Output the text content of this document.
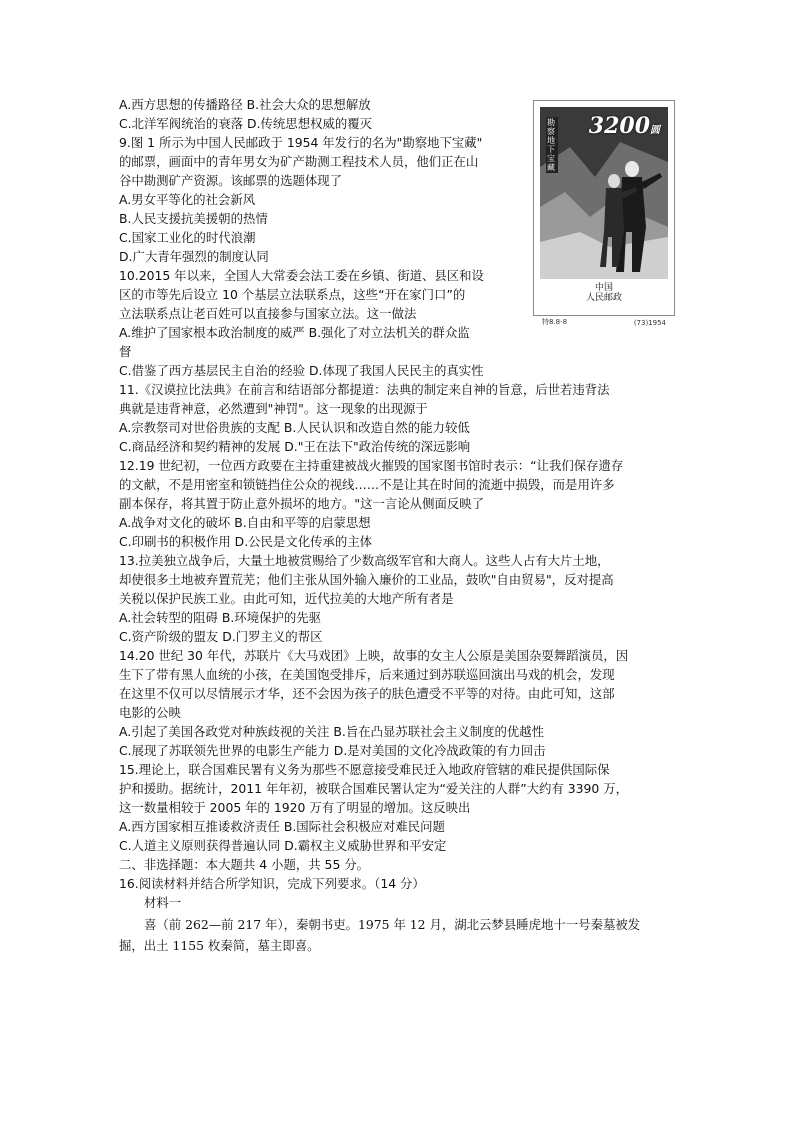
A.西方思想的传播路径 B.社会大众的思想解放
C.北洋军阀统治的衰落 D.传统思想权威的覆灭
9.图 1 所示为中国人民邮政于 1954 年发行的名为"勘察地下宝藏"
的邮票，画面中的青年男女为矿产勘测工程技术人员，他们正在山
谷中勘测矿产资源。该邮票的选题体现了
A.男女平等化的社会新风
B.人民支援抗美援朝的热情
C.国家工业化的时代浪潮
D.广大青年强烈的制度认同
10.2015 年以来，全国人大常委会法工委在乡镇、街道、县区和设
区的市等先后设立 10 个基层立法联系点，这些“开在家门口”的
立法联系点让老百姓可以直接参与国家立法。这一做法
A.维护了国家根本政治制度的威严 B.强化了对立法机关的群众监
督
C.借鉴了西方基层民主自治的经验 D.体现了我国人民民主的真实性
11.《汉谟拉比法典》在前言和结语部分都提道：法典的制定来自神的旨意，后世若违背法
典就是违背神意，必然遭到"神罚"。这一现象的出现源于
A.宗教祭司对世俗贵族的支配 B.人民认识和改造自然的能力较低
C.商品经济和契约精神的发展 D."王在法下"政治传统的深远影响
12.19 世纪初，一位西方政要在主持重建被战火摧毁的国家图书馆时表示：“让我们保存遗存
的文献，不是用密室和锁链挡住公众的视线……不是让其在时间的流逝中损毁，而是用许多
副本保存，将其置于防止意外损坏的地方。"这一言论从侧面反映了
A.战争对文化的破坏 B.自由和平等的启蒙思想
C.印刷书的积极作用 D.公民是文化传承的主体
13.拉美独立战争后，大量土地被赏赐给了少数高级军官和大商人。这些人占有大片土地，
却使很多土地被弃置荒芜；他们主张从国外输入廉价的工业品，鼓吹"自由贸易"，反对提高
关税以保护民族工业。由此可知，近代拉美的大地产所有者是
A.社会转型的阻碍 B.环境保护的先驱
C.资产阶级的盟友 D.门罗主义的帮区
14.20 世纪 30 年代，苏联片《大马戏团》上映，故事的女主人公原是美国杂耍舞蹈演员，因
生下了带有黑人血统的小孩，在美国饱受排斥，后来通过到苏联巡回演出马戏的机会，发现
在这里不仅可以尽情展示才华，还不会因为孩子的肤色遭受不平等的对待。由此可知，这部
电影的公映
A.引起了美国各政党对种族歧视的关注 B.旨在凸显苏联社会主义制度的优越性
C.展现了苏联领先世界的电影生产能力 D.是对美国的文化冷战政策的有力回击
15.理论上，联合国难民署有义务为那些不愿意接受难民迁入地政府管辖的难民提供国际保
护和援助。据统计，2011 年年初，被联合国难民署认定为“爱关注的人群”大约有 3390 万，
这一数量相较于 2005 年的 1920 万有了明显的增加。这反映出
A.西方国家相互推诿救济责任 B.国际社会积极应对难民问题
C.人道主义原则获得普遍认同 D.霸权主义威胁世界和平安定
二、非选择题：本大题共 4 小题，共 55 分。
16.阅读材料并结合所学知识，完成下列要求。（14 分）
材料一
喜（前 262—前 217 年），秦朝书吏。1975 年 12 月，湖北云梦县睡虎地十一号秦墓被发
掘，出土 1155 枚秦简，墓主即喜。
勘察地下宝藏
3200圆
中国
人民邮政
特8.8-8	(73)1954
